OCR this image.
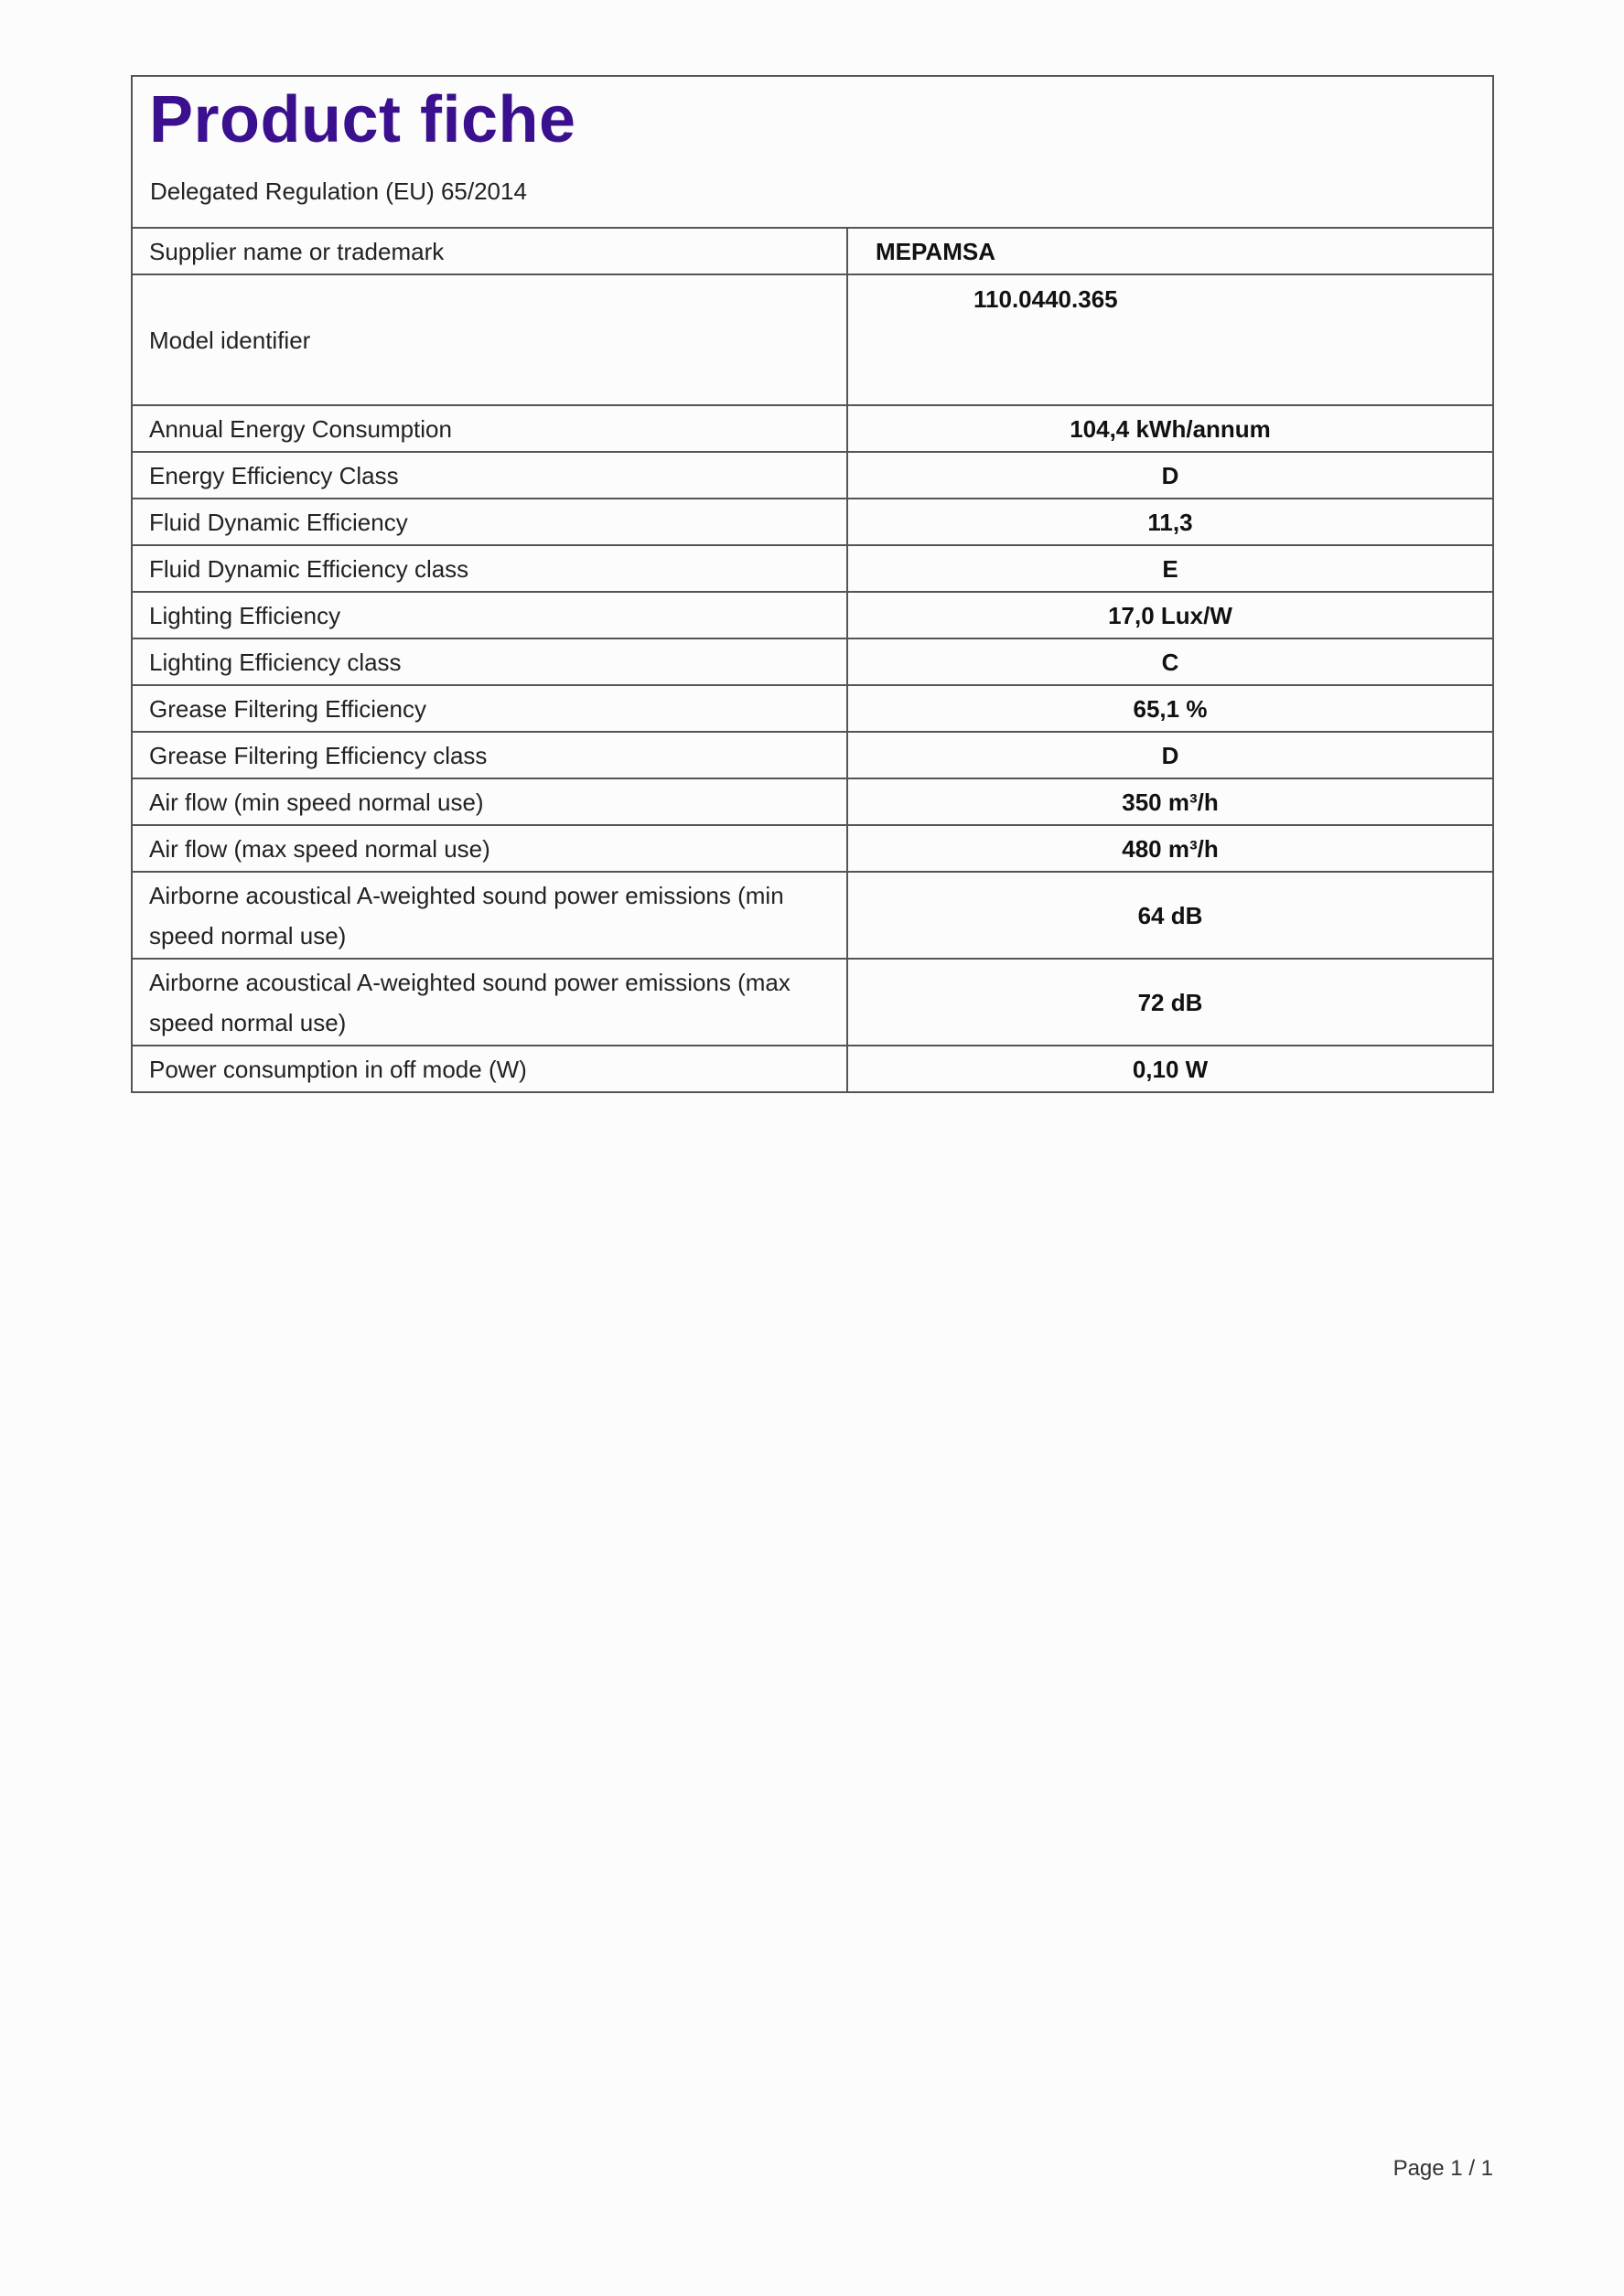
Product fiche
Delegated Regulation (EU) 65/2014
Supplier name or trademark	MEPAMSA
Model identifier	110.0440.365
Annual Energy Consumption	104,4 kWh/annum
Energy Efficiency Class	D
Fluid Dynamic Efficiency	11,3
Fluid Dynamic Efficiency class	E
Lighting Efficiency	17,0 Lux/W
Lighting Efficiency class	C
Grease Filtering Efficiency	65,1 %
Grease Filtering Efficiency class	D
Air flow (min speed normal use)	350 m³/h
Air flow (max speed normal use)	480 m³/h
Airborne acoustical A-weighted sound power emissions (min speed normal use)	64 dB
Airborne acoustical A-weighted sound power emissions (max speed normal use)	72 dB
Power consumption in off mode (W)	0,10 W
Page 1 / 1
